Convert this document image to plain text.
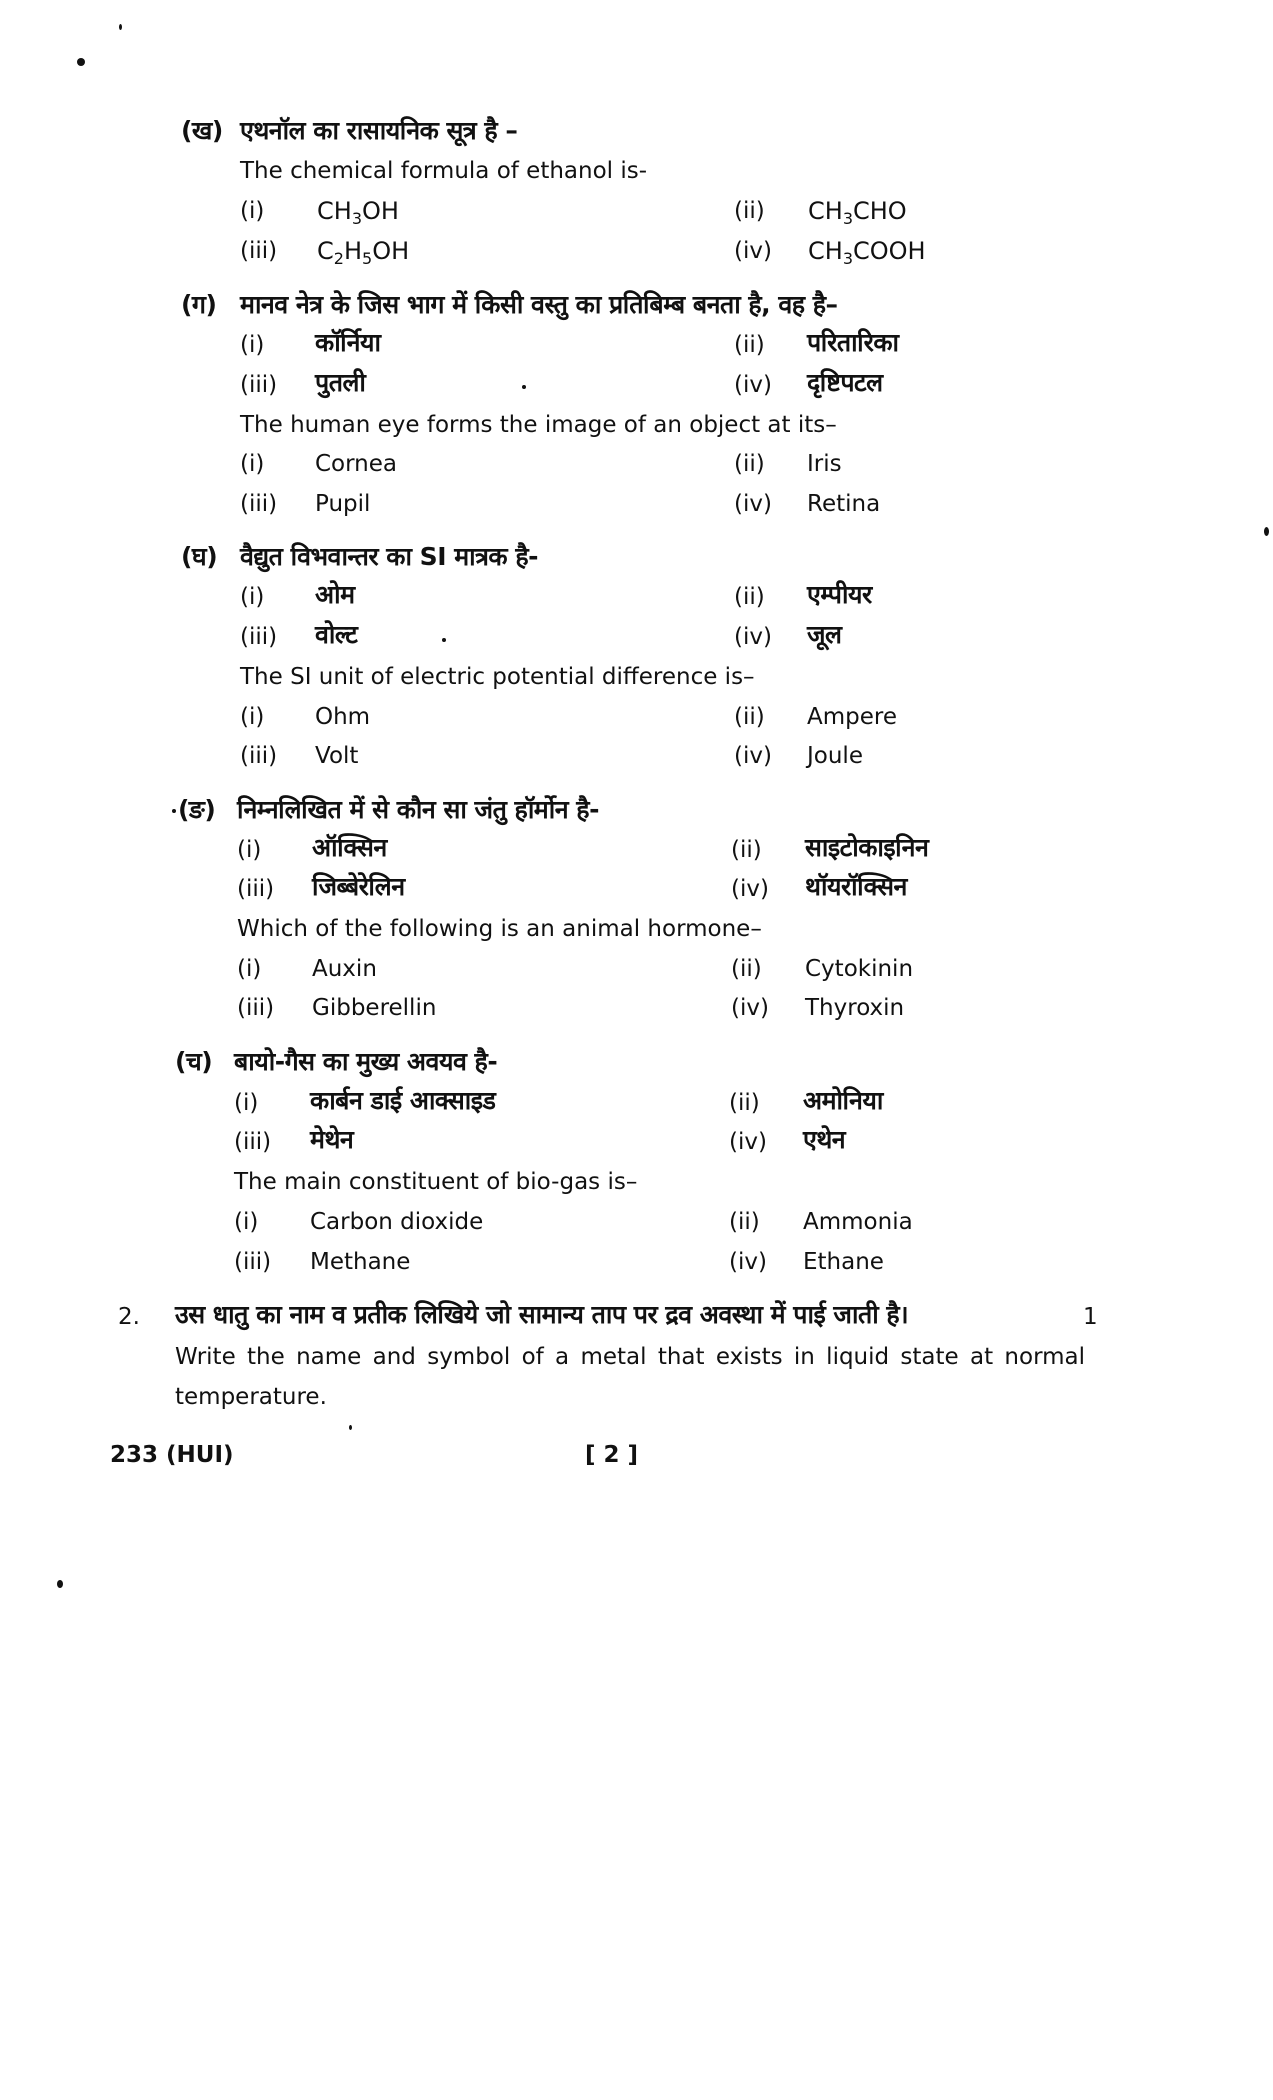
(ख) एथनॉल का रासायनिक सूत्र है –
The chemical formula of ethanol is-
(i) $CH_3OH$	(ii) $CH_3CHO$
(iii) $C_2H_5OH$	(iv) $CH_3COOH$
(ग) मानव नेत्र के जिस भाग में किसी वस्तु का प्रतिबिम्ब बनता है, वह है–
(i) कॉर्निया	(ii) परितारिका
(iii) पुतली	(iv) दृष्टिपटल
The human eye forms the image of an object at its–
(i) Cornea	(ii) Iris
(iii) Pupil	(iv) Retina
(घ) वैद्युत विभवान्तर का SI मात्रक है-
(i) ओम	(ii) एम्पीयर
(iii) वोल्ट	(iv) जूल
The SI unit of electric potential difference is–
(i) Ohm	(ii) Ampere
(iii) Volt	(iv) Joule
(ङ) निम्नलिखित में से कौन सा जंतु हॉर्मोन है-
(i) ऑक्सिन	(ii) साइटोकाइनिन
(iii) जिब्बेरेलिन	(iv) थॉयरॉक्सिन
Which of the following is an animal hormone–
(i) Auxin	(ii) Cytokinin
(iii) Gibberellin	(iv) Thyroxin
(च) बायो-गैस का मुख्य अवयव है-
(i) कार्बन डाई आक्साइड	(ii) अमोनिया
(iii) मेथेन	(iv) एथेन
The main constituent of bio-gas is–
(i) Carbon dioxide	(ii) Ammonia
(iii) Methane	(iv) Ethane
2. उस धातु का नाम व प्रतीक लिखिये जो सामान्य ताप पर द्रव अवस्था में पाई जाती है।	1
Write the name and symbol of a metal that exists in liquid state at normal
temperature.
233 (HUI)	[ 2 ]
